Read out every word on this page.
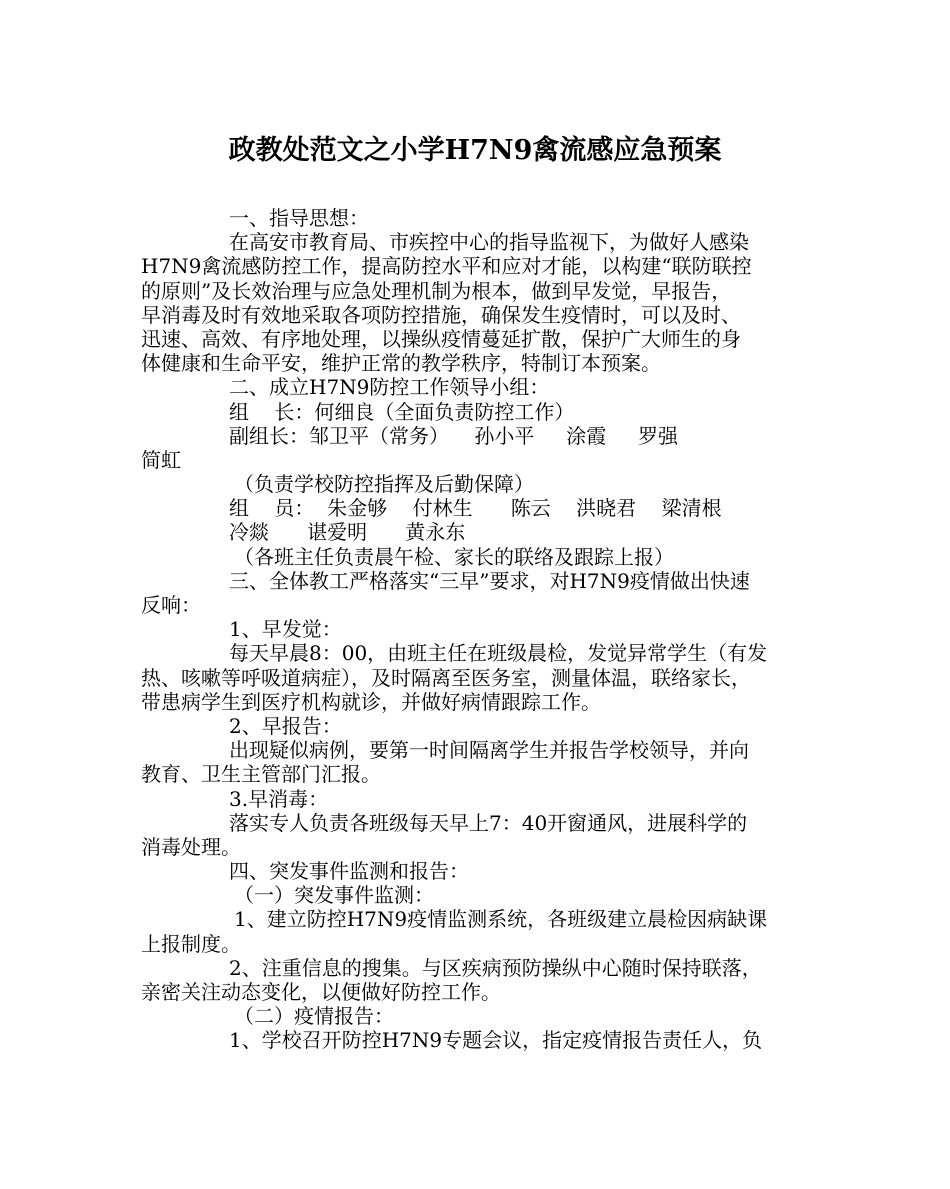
政教处范文之小学H7N9禽流感应急预案
一、指导思想：
在高安市教育局、市疾控中心的指导监视下，为做好人感染
H7N9禽流感防控工作，提高防控水平和应对才能，以构建“联防联控
的原则”及长效治理与应急处理机制为根本，做到早发觉，早报告，
早消毒及时有效地采取各项防控措施，确保发生疫情时，可以及时、
迅速、高效、有序地处理，以操纵疫情蔓延扩散，保护广大师生的身
体健康和生命平安，维护正常的教学秩序，特制订本预案。
二、成立H7N9防控工作领导小组：
组    长：何细良（全面负责防控工作）
副组长：邹卫平（常务）    孙小平     涂霞     罗强
简虹
（负责学校防控指挥及后勤保障）
组    员：  朱金够    付林生      陈云    洪晓君    梁清根
冷燚      谌爱明      黄永东
（各班主任负责晨午检、家长的联络及跟踪上报）
三、全体教工严格落实“三早”要求，对H7N9疫情做出快速
反响：
1、早发觉：
每天早晨8：00，由班主任在班级晨检，发觉异常学生（有发
热、咳嗽等呼吸道病症），及时隔离至医务室，测量体温，联络家长，
带患病学生到医疗机构就诊，并做好病情跟踪工作。
2、早报告：
出现疑似病例，要第一时间隔离学生并报告学校领导，并向
教育、卫生主管部门汇报。
3.早消毒：
落实专人负责各班级每天早上7：40开窗通风，进展科学的
消毒处理。
四、突发事件监测和报告：
（一）突发事件监测：
1、建立防控H7N9疫情监测系统，各班级建立晨检因病缺课
上报制度。
2、注重信息的搜集。与区疾病预防操纵中心随时保持联落，
亲密关注动态变化，以便做好防控工作。
（二）疫情报告：
1、学校召开防控H7N9专题会议，指定疫情报告责任人，负
